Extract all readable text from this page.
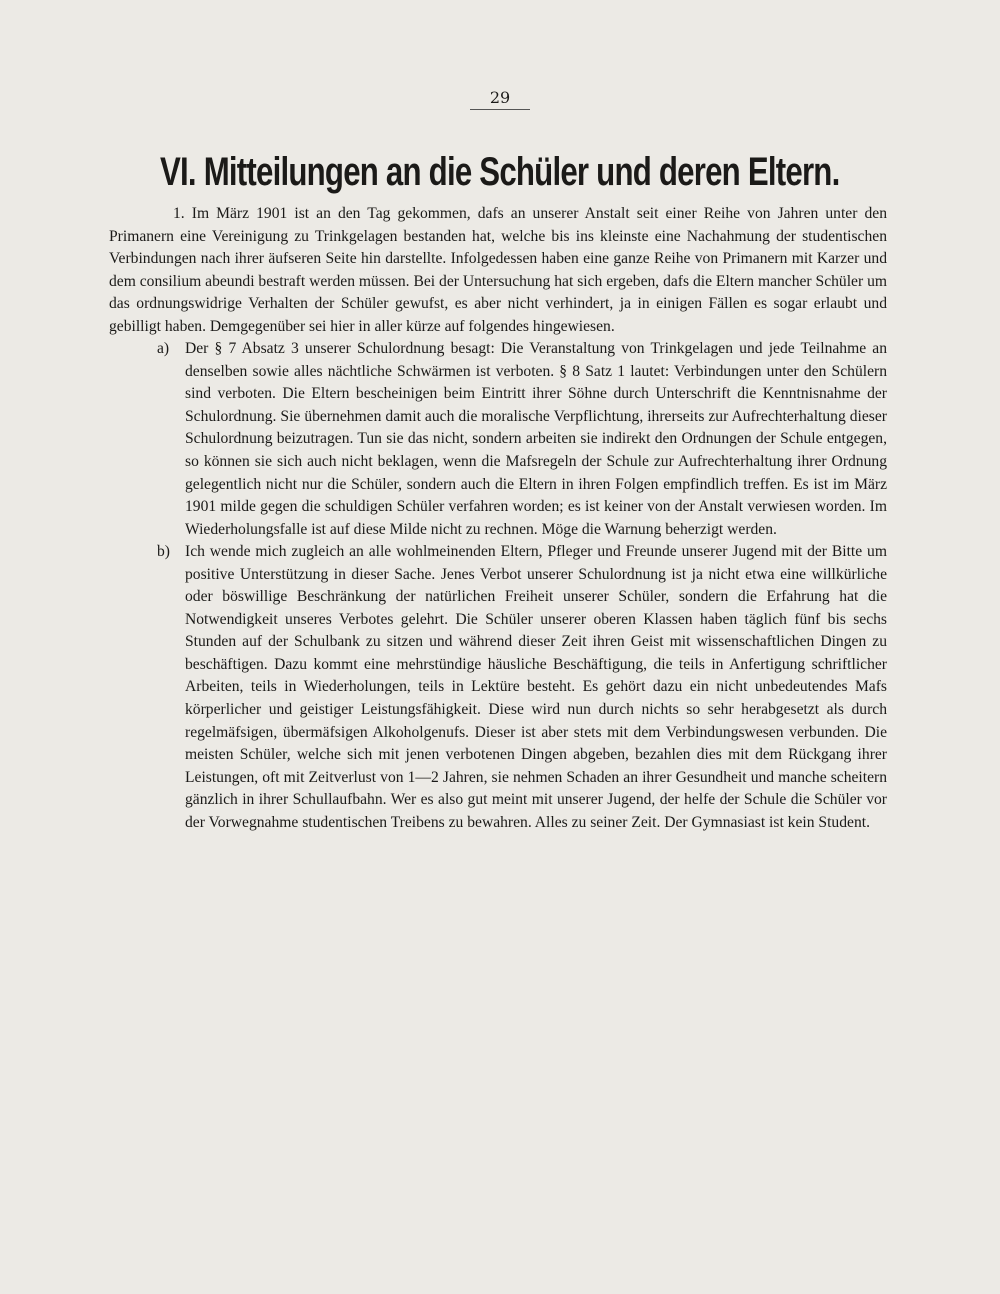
29
VI. Mitteilungen an die Schüler und deren Eltern.

1. Im März 1901 ist an den Tag gekommen, dafs an unserer Anstalt seit einer Reihe von Jahren unter den Primanern eine Vereinigung zu Trinkgelagen bestanden hat, welche bis ins kleinste eine Nachahmung der studentischen Verbindungen nach ihrer äufseren Seite hin darstellte. Infolgedessen haben eine ganze Reihe von Primanern mit Karzer und dem consilium abeundi bestraft werden müssen. Bei der Untersuchung hat sich ergeben, dafs die Eltern mancher Schüler um das ordnungswidrige Verhalten der Schüler gewufst, es aber nicht verhindert, ja in einigen Fällen es sogar erlaubt und gebilligt haben. Demgegenüber sei hier in aller kürze auf folgendes hingewiesen.

a) Der § 7 Absatz 3 unserer Schulordnung besagt: Die Veranstaltung von Trinkgelagen und jede Teilnahme an denselben sowie alles nächtliche Schwärmen ist verboten. § 8 Satz 1 lautet: Verbindungen unter den Schülern sind verboten. Die Eltern bescheinigen beim Eintritt ihrer Söhne durch Unterschrift die Kenntnisnahme der Schulordnung. Sie übernehmen damit auch die moralische Verpflichtung, ihrerseits zur Aufrechterhaltung dieser Schulordnung beizutragen. Tun sie das nicht, sondern arbeiten sie indirekt den Ordnungen der Schule entgegen, so können sie sich auch nicht beklagen, wenn die Mafsregeln der Schule zur Aufrechterhaltung ihrer Ordnung gelegentlich nicht nur die Schüler, sondern auch die Eltern in ihren Folgen empfindlich treffen. Es ist im März 1901 milde gegen die schuldigen Schüler verfahren worden; es ist keiner von der Anstalt verwiesen worden. Im Wiederholungsfalle ist auf diese Milde nicht zu rechnen. Möge die Warnung beherzigt werden.

b) Ich wende mich zugleich an alle wohlmeinenden Eltern, Pfleger und Freunde unserer Jugend mit der Bitte um positive Unterstützung in dieser Sache. Jenes Verbot unserer Schulordnung ist ja nicht etwa eine willkürliche oder böswillige Beschränkung der natürlichen Freiheit unserer Schüler, sondern die Erfahrung hat die Notwendigkeit unseres Verbotes gelehrt. Die Schüler unserer oberen Klassen haben täglich fünf bis sechs Stunden auf der Schulbank zu sitzen und während dieser Zeit ihren Geist mit wissenschaftlichen Dingen zu beschäftigen. Dazu kommt eine mehrstündige häusliche Beschäftigung, die teils in Anfertigung schriftlicher Arbeiten, teils in Wiederholungen, teils in Lektüre besteht. Es gehört dazu ein nicht unbedeutendes Mafs körperlicher und geistiger Leistungsfähigkeit. Diese wird nun durch nichts so sehr herabgesetzt als durch regelmäfsigen, übermäfsigen Alkoholgenufs. Dieser ist aber stets mit dem Verbindungswesen verbunden. Die meisten Schüler, welche sich mit jenen verbotenen Dingen abgeben, bezahlen dies mit dem Rückgang ihrer Leistungen, oft mit Zeitverlust von 1—2 Jahren, sie nehmen Schaden an ihrer Gesundheit und manche scheitern gänzlich in ihrer Schullaufbahn. Wer es also gut meint mit unserer Jugend, der helfe der Schule die Schüler vor der Vorwegnahme studentischen Treibens zu bewahren. Alles zu seiner Zeit. Der Gymnasiast ist kein Student.
